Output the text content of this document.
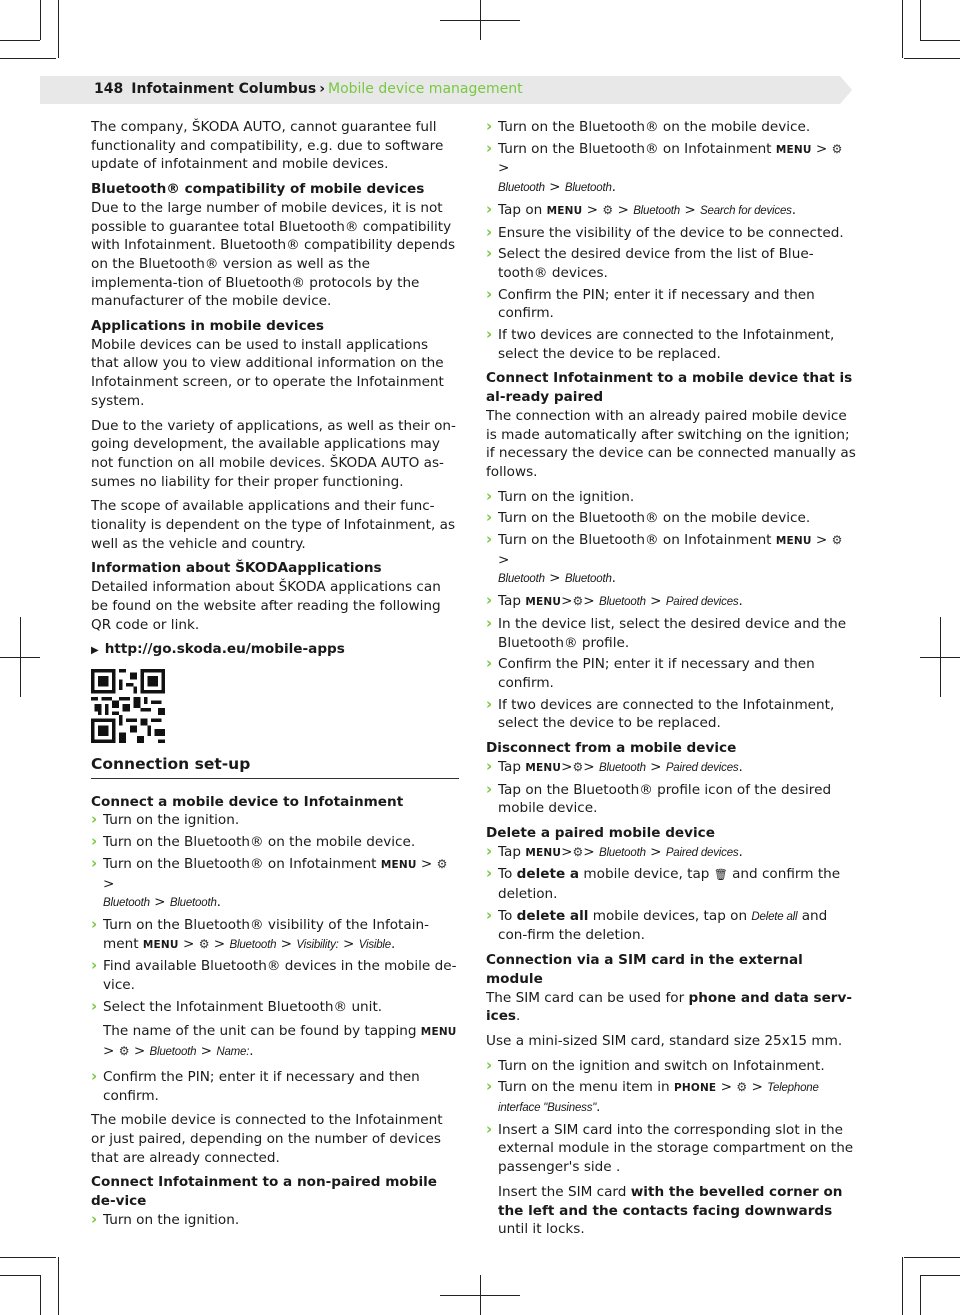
148 Infotainment Columbus › Mobile device management

The company, ŠKODA AUTO, cannot guarantee full functionality and compatibility, e.g. due to software update of infotainment and mobile devices.

Bluetooth® compatibility of mobile devices

Due to the large number of mobile devices, it is not possible to guarantee total Bluetooth® compatibility with Infotainment. Bluetooth® compatibility depends on the Bluetooth® version as well as the implementa-tion of Bluetooth® protocols by the manufacturer of the mobile device.

Applications in mobile devices

Mobile devices can be used to install applications that allow you to view additional information on the Infotainment screen, or to operate the Infotainment system.

Due to the variety of applications, as well as their on-going development, the available applications may not function on all mobile devices. ŠKODA AUTO as-sumes no liability for their proper functioning.

The scope of available applications and their func-tionality is dependent on the type of Infotainment, as well as the vehicle and country.

Information about ŠKODAapplications

Detailed information about ŠKODA applications can be found on the website after reading the following QR code or link.

▶ http://go.skoda.eu/mobile-apps
Connection set-up
Connect a mobile device to Infotainment
› Turn on the ignition.
› Turn on the Bluetooth® on the mobile device.
› Turn on the Bluetooth® on Infotainment MENU > ⚙ >
Bluetooth > Bluetooth.
› Turn on the Bluetooth® visibility of the Infotain-ment MENU > ⚙ > Bluetooth > Visibility: > Visible.
› Find available Bluetooth® devices in the mobile de-vice.
› Select the Infotainment Bluetooth® unit.

The name of the unit can be found by tapping MENU
> ⚙ > Bluetooth > Name:.

› Confirm the PIN; enter it if necessary and then confirm.

The mobile device is connected to the Infotainment or just paired, depending on the number of devices that are already connected.

Connect Infotainment to a non-paired mobile de-vice
› Turn on the ignition.
› Turn on the Bluetooth® on the mobile device.
› Turn on the Bluetooth® on Infotainment MENU > ⚙ >
Bluetooth > Bluetooth.
› Tap on MENU > ⚙ > Bluetooth > Search for devices.
› Ensure the visibility of the device to be connected.
› Select the desired device from the list of Blue-tooth® devices.
› Confirm the PIN; enter it if necessary and then confirm.
› If two devices are connected to the Infotainment, select the device to be replaced.
Connect Infotainment to a mobile device that is al-ready paired

The connection with an already paired mobile device is made automatically after switching on the ignition; if necessary the device can be connected manually as follows.

› Turn on the ignition.
› Turn on the Bluetooth® on the mobile device.
› Turn on the Bluetooth® on Infotainment MENU > ⚙ >
Bluetooth > Bluetooth.
› Tap MENU>⚙> Bluetooth > Paired devices.
› In the device list, select the desired device and the Bluetooth® profile.
› Confirm the PIN; enter it if necessary and then confirm.
› If two devices are connected to the Infotainment, select the device to be replaced.
Disconnect from a mobile device
› Tap MENU>⚙> Bluetooth > Paired devices.
› Tap on the Bluetooth® profile icon of the desired mobile device.
Delete a paired mobile device
› Tap MENU>⚙> Bluetooth > Paired devices.
› To delete a mobile device, tap 🗑 and confirm the deletion.
› To delete all mobile devices, tap on Delete all and con-firm the deletion.
Connection via a SIM card in the external module

The SIM card can be used for phone and data serv-ices.

Use a mini-sized SIM card, standard size 25x15 mm.

› Turn on the ignition and switch on Infotainment.
› Turn on the menu item in PHONE > ⚙ > Telephone interface "Business".
› Insert a SIM card into the corresponding slot in the external module in the storage compartment on the passenger's side .

Insert the SIM card with the bevelled corner on the left and the contacts facing downwards until it locks.
